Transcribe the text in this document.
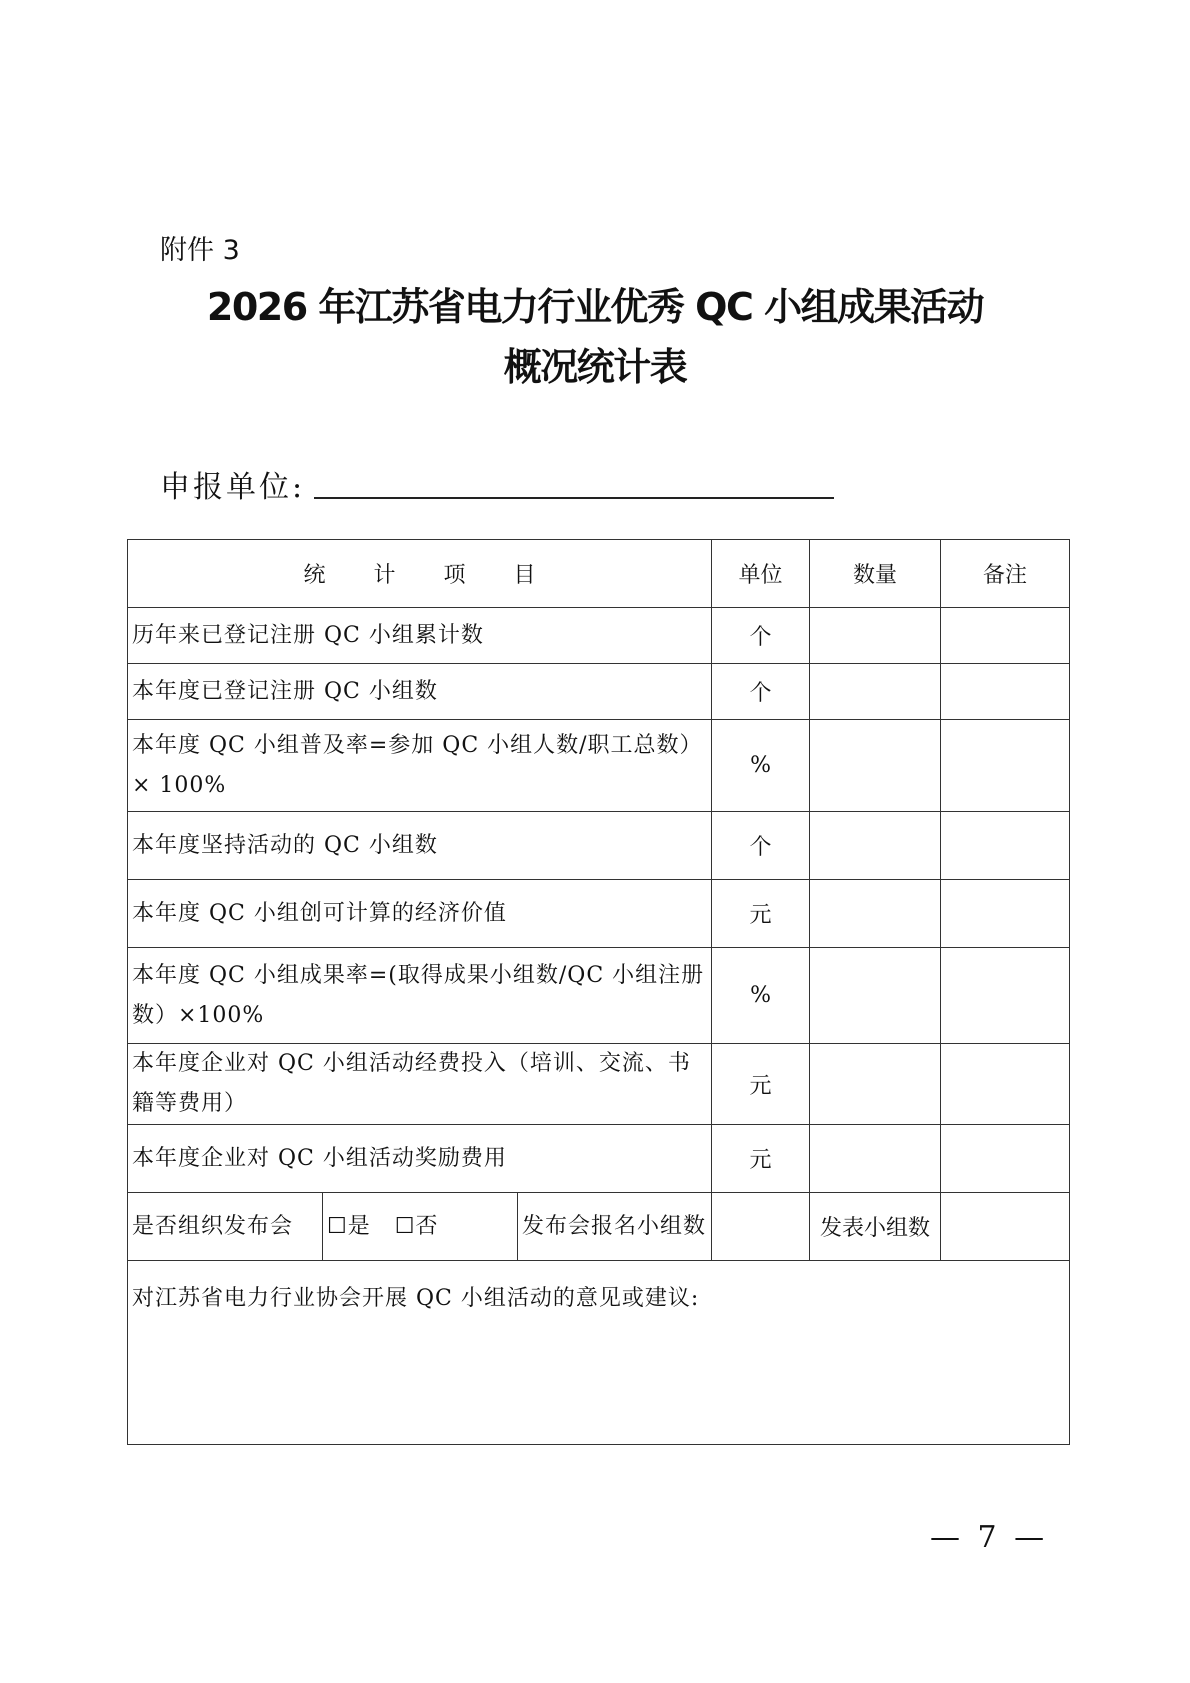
附件 3
2026 年江苏省电力行业优秀 QC 小组成果活动
概况统计表
申报单位:
统 计 项 目			单位	数量	备注
历年来已登记注册 QC 小组累计数			个		
本年度已登记注册 QC 小组数			个		
本年度 QC 小组普及率=参加 QC 小组人数/职工总数）× 100%			%		
本年度坚持活动的 QC 小组数			个		
本年度 QC 小组创可计算的经济价值			元		
本年度 QC 小组成果率=(取得成果小组数/QC 小组注册数）×100%			%		
本年度企业对 QC 小组活动经费投入（培训、交流、书籍等费用）			元		
本年度企业对 QC 小组活动奖励费用			元		
是否组织发布会	☐是 ☐否	发布会报名小组数		发表小组数	
对江苏省电力行业协会开展 QC 小组活动的意见或建议:					
— 7 —
